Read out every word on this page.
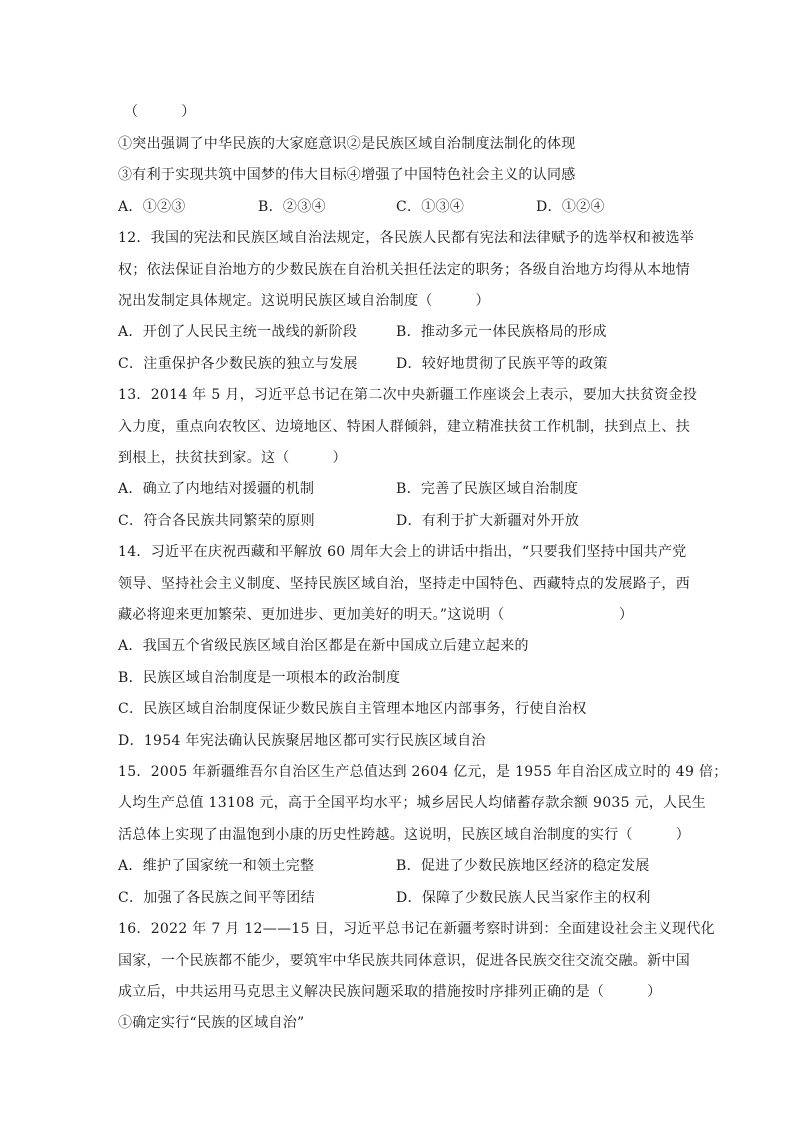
（　　　）
①突出强调了中华民族的大家庭意识②是民族区域自治制度法制化的体现
③有利于实现共筑中国梦的伟大目标④增强了中国特色社会主义的认同感
A．①②③	B．②③④	C．①③④	D．①②④
12．我国的宪法和民族区域自治法规定，各民族人民都有宪法和法律赋予的选举权和被选举
权；依法保证自治地方的少数民族在自治机关担任法定的职务；各级自治地方均得从本地情
况出发制定具体规定。这说明民族区域自治制度（　　　）
A．开创了人民民主统一战线的新阶段	B．推动多元一体民族格局的形成
C．注重保护各少数民族的独立与发展	D．较好地贯彻了民族平等的政策
13．2014 年 5 月，习近平总书记在第二次中央新疆工作座谈会上表示，要加大扶贫资金投
入力度，重点向农牧区、边境地区、特困人群倾斜，建立精准扶贫工作机制，扶到点上、扶
到根上，扶贫扶到家。这（　　　）
A．确立了内地结对援疆的机制	B．完善了民族区域自治制度
C．符合各民族共同繁荣的原则	D．有利于扩大新疆对外开放
14．习近平在庆祝西藏和平解放 60 周年大会上的讲话中指出，“只要我们坚持中国共产党
领导、坚持社会主义制度、坚持民族区域自治，坚持走中国特色、西藏特点的发展路子，西
藏必将迎来更加繁荣、更加进步、更加美好的明天。”这说明（　　　　　　　　）
A．我国五个省级民族区域自治区都是在新中国成立后建立起来的
B．民族区域自治制度是一项根本的政治制度
C．民族区域自治制度保证少数民族自主管理本地区内部事务，行使自治权
D．1954 年宪法确认民族聚居地区都可实行民族区域自治
15．2005 年新疆维吾尔自治区生产总值达到 2604 亿元，是 1955 年自治区成立时的 49 倍；
人均生产总值 13108 元，高于全国平均水平；城乡居民人均储蓄存款余额 9035 元，人民生
活总体上实现了由温饱到小康的历史性跨越。这说明，民族区域自治制度的实行（　　　）
A．维护了国家统一和领土完整	B．促进了少数民族地区经济的稳定发展
C．加强了各民族之间平等团结	D．保障了少数民族人民当家作主的权利
16．2022 年 7 月 12——15 日，习近平总书记在新疆考察时讲到：全面建设社会主义现代化
国家，一个民族都不能少，要筑牢中华民族共同体意识，促进各民族交往交流交融。新中国
成立后，中共运用马克思主义解决民族问题采取的措施按时序排列正确的是（　　　）
①确定实行“民族的区域自治”
